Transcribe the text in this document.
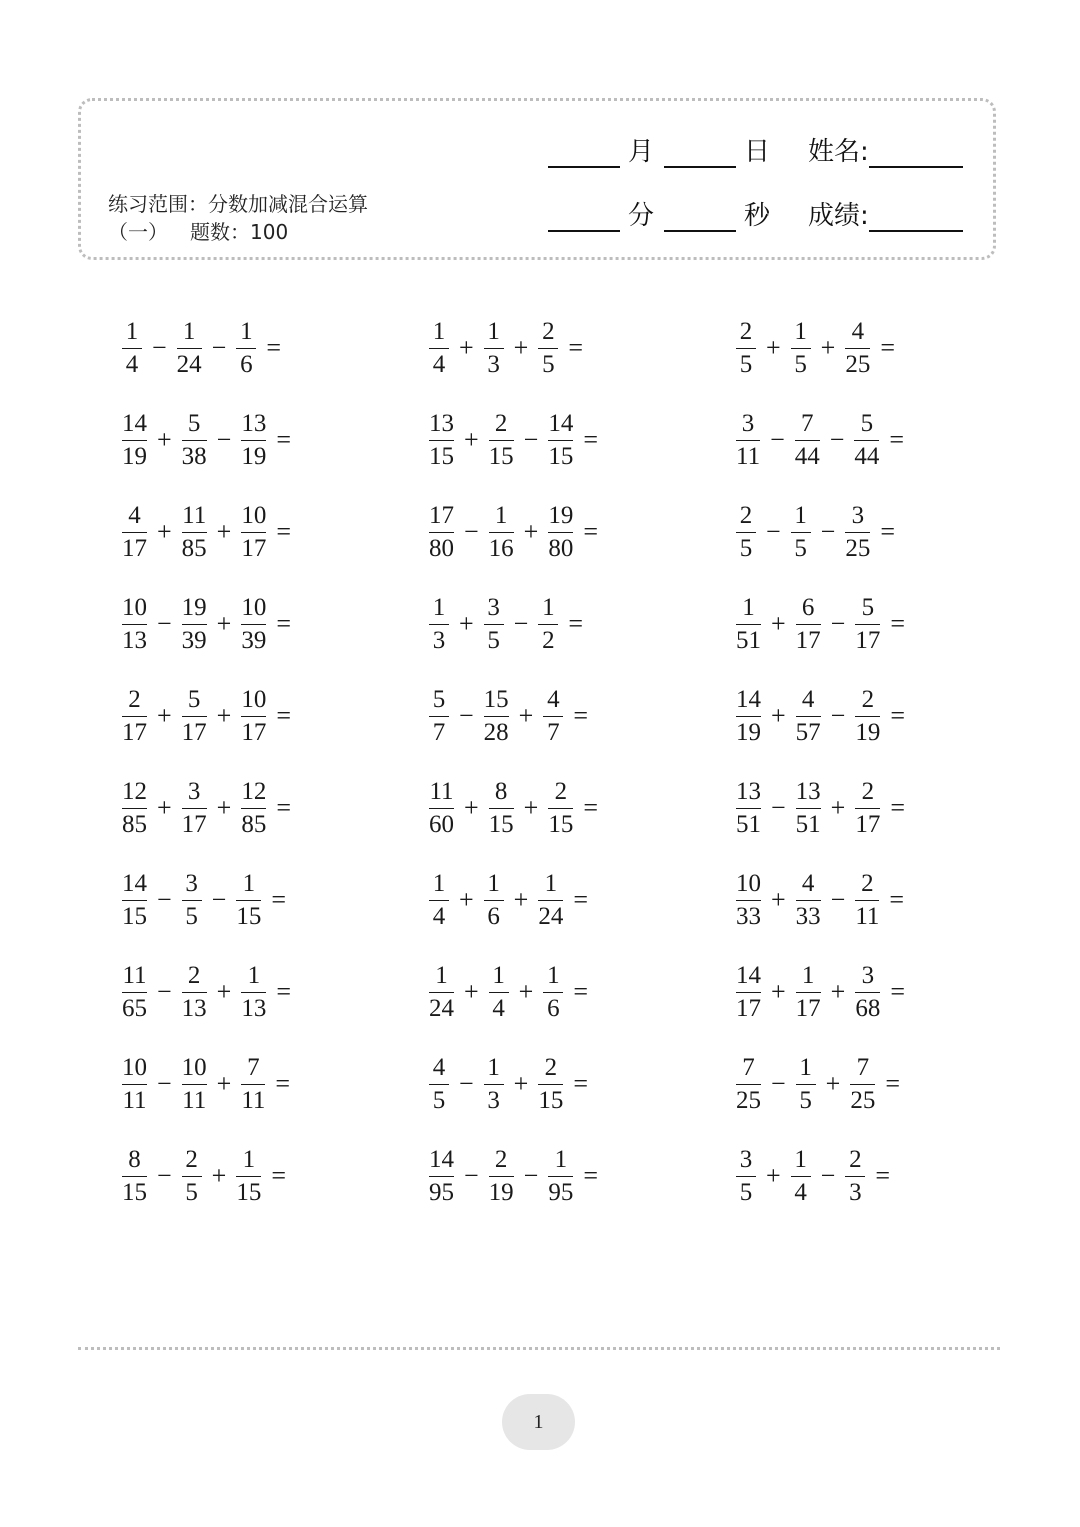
练习范围：分数加减混合运算
（一） 题数：100
月	日 姓名:
分	秒 成绩:
$\frac{1}{4} - \frac{1}{24} - \frac{1}{6}$ =	$\frac{1}{4} + \frac{1}{3} + \frac{2}{5}$ =	$\frac{2}{5} + \frac{1}{5} + \frac{4}{25}$ =
$\frac{14}{19} + \frac{5}{38} - \frac{13}{19}$ =	$\frac{13}{15} + \frac{2}{15} - \frac{14}{15}$ =	$\frac{3}{11} - \frac{7}{44} - \frac{5}{44}$ =
$\frac{4}{17} + \frac{11}{85} + \frac{10}{17}$ =	$\frac{17}{80} - \frac{1}{16} + \frac{19}{80}$ =	$\frac{2}{5} - \frac{1}{5} - \frac{3}{25}$ =
$\frac{10}{13} - \frac{19}{39} + \frac{10}{39}$ =	$\frac{1}{3} + \frac{3}{5} - \frac{1}{2}$ =	$\frac{1}{51} + \frac{6}{17} - \frac{5}{17}$ =
$\frac{2}{17} + \frac{5}{17} + \frac{10}{17}$ =	$\frac{5}{7} - \frac{15}{28} + \frac{4}{7}$ =	$\frac{14}{19} + \frac{4}{57} - \frac{2}{19}$ =
$\frac{12}{85} + \frac{3}{17} + \frac{12}{85}$ =	$\frac{11}{60} + \frac{8}{15} + \frac{2}{15}$ =	$\frac{13}{51} - \frac{13}{51} + \frac{2}{17}$ =
$\frac{14}{15} - \frac{3}{5} - \frac{1}{15}$ =	$\frac{1}{4} + \frac{1}{6} + \frac{1}{24}$ =	$\frac{10}{33} + \frac{4}{33} - \frac{2}{11}$ =
$\frac{11}{65} - \frac{2}{13} + \frac{1}{13}$ =	$\frac{1}{24} + \frac{1}{4} + \frac{1}{6}$ =	$\frac{14}{17} + \frac{1}{17} + \frac{3}{68}$ =
$\frac{10}{11} - \frac{10}{11} + \frac{7}{11}$ =	$\frac{4}{5} - \frac{1}{3} + \frac{2}{15}$ =	$\frac{7}{25} - \frac{1}{5} + \frac{7}{25}$ =
$\frac{8}{15} - \frac{2}{5} + \frac{1}{15}$ =	$\frac{14}{95} - \frac{2}{19} - \frac{1}{95}$ =	$\frac{3}{5} + \frac{1}{4} - \frac{2}{3}$ =
1
